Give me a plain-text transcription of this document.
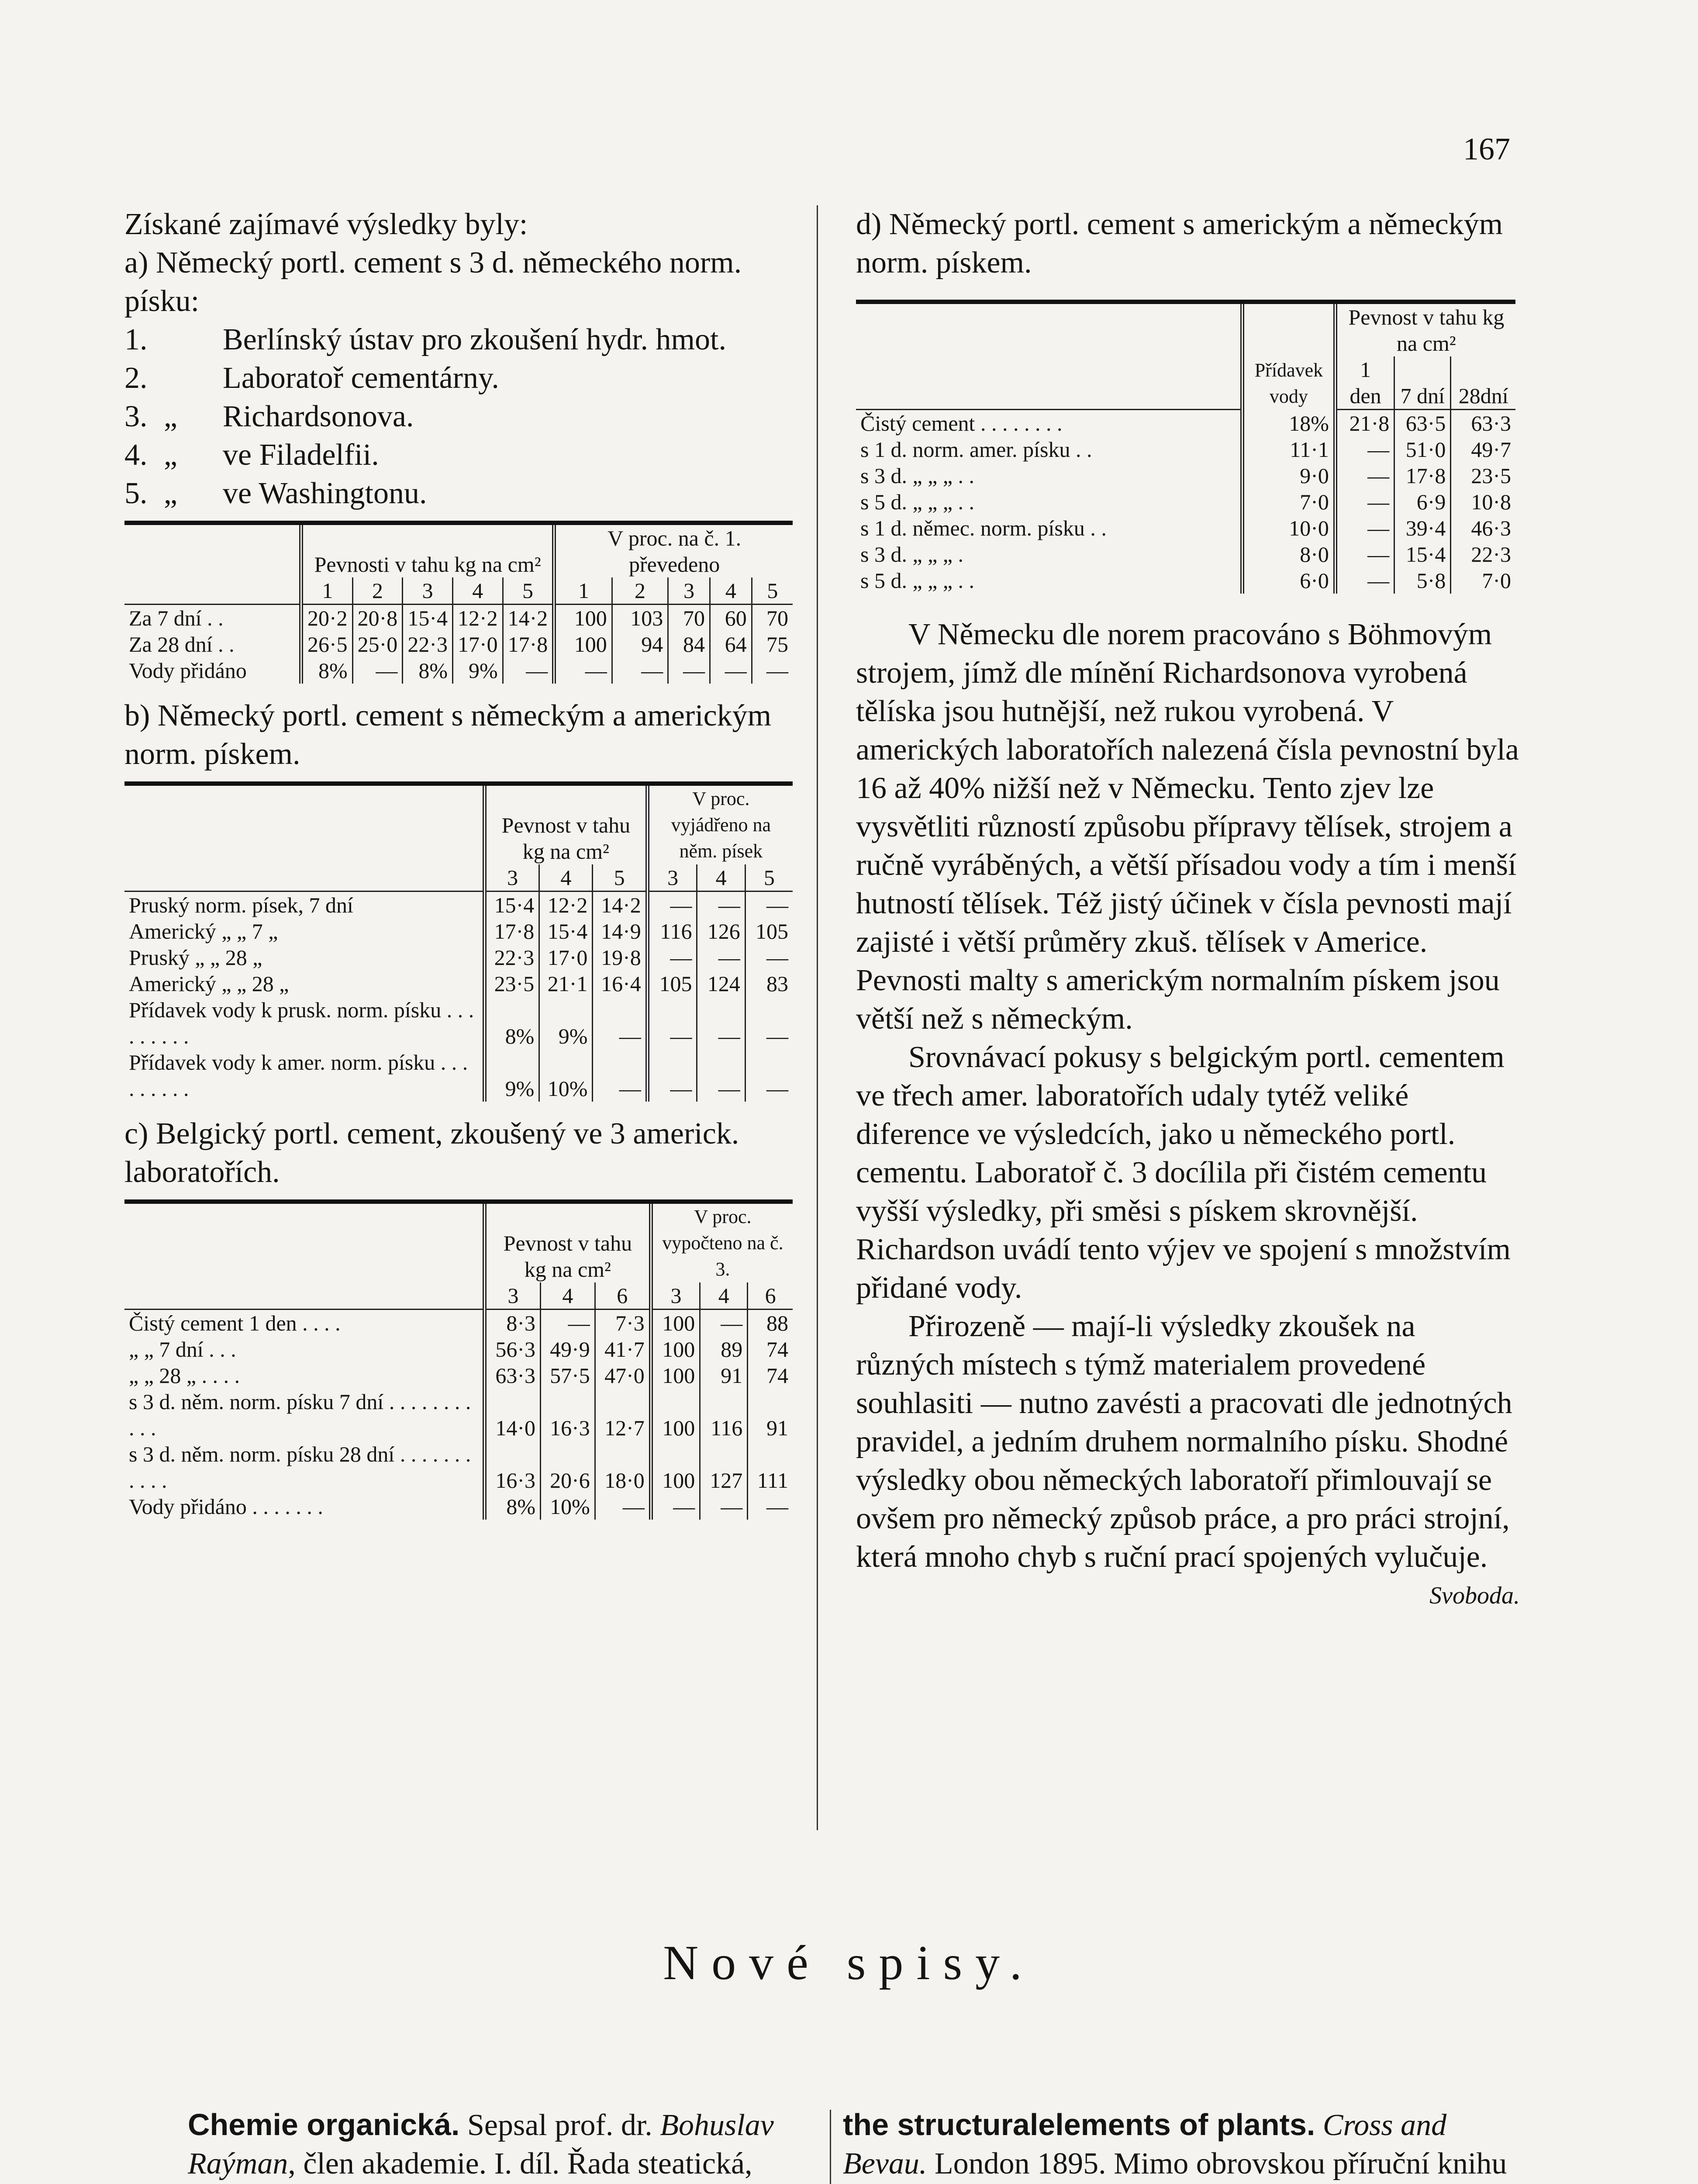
167

Získané zajímavé výsledky byly:

a) Německý portl. cement s 3 d. německého norm. písku:

1.	Berlínský ústav pro zkoušení hydr. hmot.
2.	Laboratoř cementárny.
3. „	Richardsonova.
4. „	ve Filadelfii.
5. „	ve Washingtonu.
	Pevnosti v tahu kg na cm²					V proc. na č. 1. převedeno				
	1	2	3	4	5	1	2	3	4	5
Za 7 dní . .	20·2	20·8	15·4	12·2	14·2	100	103	70	60	70
Za 28 dní . .	26·5	25·0	22·3	17·0	17·8	100	94	84	64	75
Vody přidáno	8%	—	8%	9%	—	—	—	—	—	—

b) Německý portl. cement s německým a americkým norm. pískem.

	Pevnost v tahu kg na cm²			V proc. vyjádřeno na něm. písek		
	3	4	5	3	4	5
Pruský norm. písek, 7 dní	15·4	12·2	14·2	—	—	—
Americký „ „ 7 „	17·8	15·4	14·9	116	126	105
Pruský „ „ 28 „	22·3	17·0	19·8	—	—	—
Americký „ „ 28 „	23·5	21·1	16·4	105	124	83
Přídavek vody k prusk. norm. písku . . . . . . . . .	8%	9%	—	—	—	—
Přídavek vody k amer. norm. písku . . . . . . . . .	9%	10%	—	—	—	—

c) Belgický portl. cement, zkoušený ve 3 americk. laboratořích.

	Pevnost v tahu kg na cm²			V proc. vypočteno na č. 3.		
	3	4	6	3	4	6
Čistý cement 1 den . . . .	8·3	—	7·3	100	—	88
„ „ 7 dní . . .	56·3	49·9	41·7	100	89	74
„ „ 28 „ . . . .	63·3	57·5	47·0	100	91	74
s 3 d. něm. norm. písku 7 dní . . . . . . . . . . .	14·0	16·3	12·7	100	116	91
s 3 d. něm. norm. písku 28 dní . . . . . . . . . . .	16·3	20·6	18·0	100	127	111
Vody přidáno . . . . . . .	8%	10%	—	—	—	—

d) Německý portl. cement s americkým a německým norm. pískem.

	Přídavek vody	Pevnost v tahu kg na cm²		
		1 den	7 dní	28dní
Čistý cement . . . . . . . .	18%	21·8	63·5	63·3
s 1 d. norm. amer. písku . .	11·1	—	51·0	49·7
s 3 d. „ „ „ . .	9·0	—	17·8	23·5
s 5 d. „ „ „ . .	7·0	—	6·9	10·8
s 1 d. němec. norm. písku . .	10·0	—	39·4	46·3
s 3 d. „ „ „ .	8·0	—	15·4	22·3
s 5 d. „ „ „ . .	6·0	—	5·8	7·0

V Německu dle norem pracováno s Böhmovým strojem, jímž dle mínění Richardsonova vyrobená tělíska jsou hutnější, než rukou vyrobená. V amerických laboratořích nalezená čísla pevnostní byla 16 až 40% nižší než v Německu. Tento zjev lze vysvětliti růzností způsobu přípravy tělísek, strojem a ručně vyráběných, a větší přísadou vody a tím i menší hutností tělísek. Též jistý účinek v čísla pevnosti mají zajisté i větší průměry zkuš. tělísek v Americe. Pevnosti malty s americkým normalním pískem jsou větší než s německým.

Srovnávací pokusy s belgickým portl. cementem ve třech amer. laboratořích udaly tytéž veliké diference ve výsledcích, jako u německého portl. cementu. Laboratoř č. 3 docílila při čistém cementu vyšší výsledky, při směsi s pískem skrovnější. Richardson uvádí tento výjev ve spojení s množstvím přidané vody.

Přirozeně — mají-li výsledky zkoušek na různých místech s týmž materialem provedené souhlasiti — nutno zavésti a pracovati dle jednotných pravidel, a jedním druhem normalního písku. Shodné výsledky obou německých laboratoří přimlouvají se ovšem pro německý způsob práce, a pro práci strojní, která mnoho chyb s ruční prací spojených vylučuje.

Svoboda.

Nové spisy.

Chemie organická. Sepsal prof. dr. Bohuslav Raýman, člen akademie. I. díl. Řada steatická,

the structuralelements of plants. Cross and Bevau. London 1895. Mimo obrovskou příruční knihu
